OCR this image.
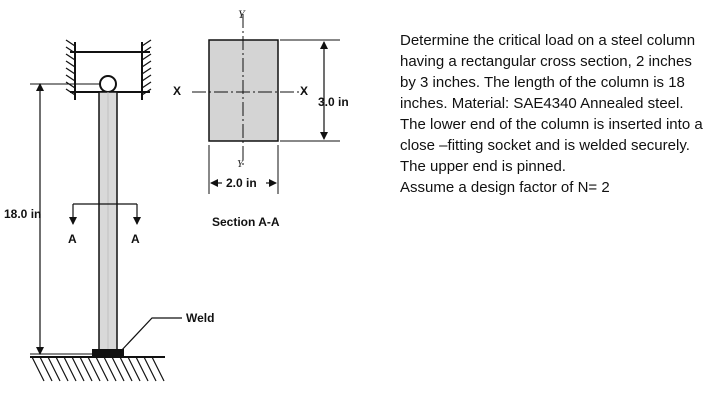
18.0 in
A	A
Weld
Y
Y
X	X
3.0 in
2.0 in
Section A-A

Determine the critical load on a steel column having a rectangular cross section, 2 inches by 3 inches. The length of the column is 18 inches. Material: SAE4340 Annealed steel. The lower end of the column is inserted into a close –fitting socket and is welded securely. The upper end is pinned.

Assume a design factor of N= 2
